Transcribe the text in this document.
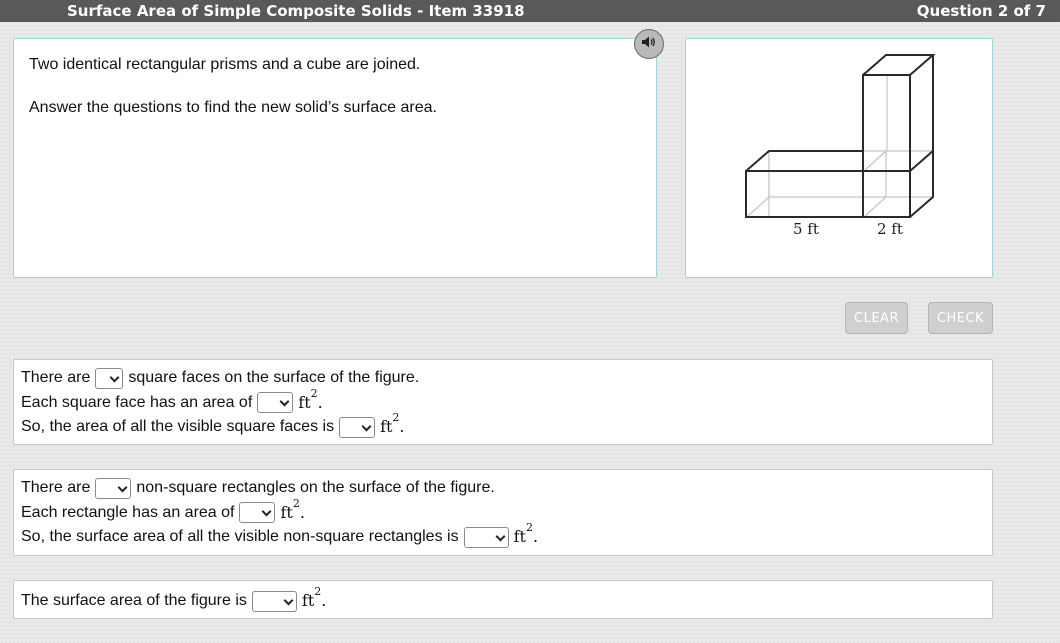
Surface Area of Simple Composite Solids - Item 33918	Question 2 of 7

Two identical rectangular prisms and a cube are joined.

Answer the questions to find the new solid’s surface area.

5 ft	2 ft
CLEAR	CHECK
There are square faces on the surface of the figure.
Each square face has an area of	$ft^2$.
So, the area of all the visible square faces is	$ft^2$.
There are	non-square rectangles on the surface of the figure.
Each rectangle has an area of	$ft^2$.
So, the surface area of all the visible non-square rectangles is	$ft^2$.
The surface area of the figure is	$ft^2$.
